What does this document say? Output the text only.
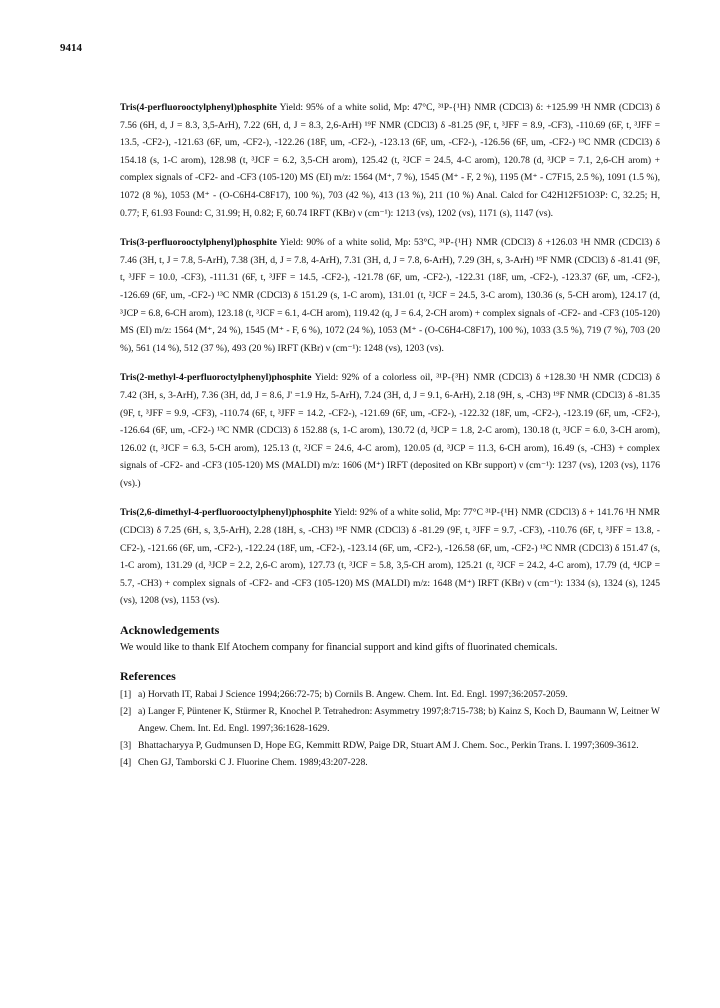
9414

Tris(4-perfluorooctylphenyl)phosphite Yield: 95% of a white solid, Mp: 47°C, ³¹P-{¹H} NMR (CDCl3) δ: +125.99 ¹H NMR (CDCl3) δ 7.56 (6H, d, J = 8.3, 3,5-ArH), 7.22 (6H, d, J = 8.3, 2,6-ArH) ¹⁹F NMR (CDCl3) δ -81.25 (9F, t, ³JFF = 8.9, -CF3), -110.69 (6F, t, ³JFF = 13.5, -CF2-), -121.63 (6F, um, -CF2-), -122.26 (18F, um, -CF2-), -123.13 (6F, um, -CF2-), -126.56 (6F, um, -CF2-) ¹³C NMR (CDCl3) δ 154.18 (s, 1-C arom), 128.98 (t, ³JCF = 6.2, 3,5-CH arom), 125.42 (t, ²JCF = 24.5, 4-C arom), 120.78 (d, ³JCP = 7.1, 2,6-CH arom) + complex signals of -CF2- and -CF3 (105-120) MS (EI) m/z: 1564 (M⁺, 7 %), 1545 (M⁺ - F, 2 %), 1195 (M⁺ - C7F15, 2.5 %), 1091 (1.5 %), 1072 (8 %), 1053 (M⁺ - (O-C6H4-C8F17), 100 %), 703 (42 %), 413 (13 %), 211 (10 %) Anal. Calcd for C42H12F51O3P: C, 32.25; H, 0.77; F, 61.93 Found: C, 31.99; H, 0.82; F, 60.74 IRFT (KBr) ν (cm⁻¹): 1213 (vs), 1202 (vs), 1171 (s), 1147 (vs).

Tris(3-perfluorooctylphenyl)phosphite Yield: 90% of a white solid, Mp: 53°C, ³¹P-{¹H} NMR (CDCl3) δ +126.03 ¹H NMR (CDCl3) δ 7.46 (3H, t, J = 7.8, 5-ArH), 7.38 (3H, d, J = 7.8, 4-ArH), 7.31 (3H, d, J = 7.8, 6-ArH), 7.29 (3H, s, 3-ArH) ¹⁹F NMR (CDCl3) δ -81.41 (9F, t, ³JFF = 10.0, -CF3), -111.31 (6F, t, ³JFF = 14.5, -CF2-), -121.78 (6F, um, -CF2-), -122.31 (18F, um, -CF2-), -123.37 (6F, um, -CF2-), -126.69 (6F, um, -CF2-) ¹³C NMR (CDCl3) δ 151.29 (s, 1-C arom), 131.01 (t, ²JCF = 24.5, 3-C arom), 130.36 (s, 5-CH arom), 124.17 (d, ³JCP = 6.8, 6-CH arom), 123.18 (t, ³JCF = 6.1, 4-CH arom), 119.42 (q, J = 6.4, 2-CH arom) + complex signals of -CF2- and -CF3 (105-120) MS (EI) m/z: 1564 (M⁺, 24 %), 1545 (M⁺ - F, 6 %), 1072 (24 %), 1053 (M⁺ - (O-C6H4-C8F17), 100 %), 1033 (3.5 %), 719 (7 %), 703 (20 %), 561 (14 %), 512 (37 %), 493 (20 %) IRFT (KBr) ν (cm⁻¹): 1248 (vs), 1203 (vs).

Tris(2-methyl-4-perfluoroctylphenyl)phosphite Yield: 92% of a colorless oil, ³¹P-{³H} NMR (CDCl3) δ +128.30 ¹H NMR (CDCl3) δ 7.42 (3H, s, 3-ArH), 7.36 (3H, dd, J = 8.6, J' =1.9 Hz, 5-ArH), 7.24 (3H, d, J = 9.1, 6-ArH), 2.18 (9H, s, -CH3) ¹⁹F NMR (CDCl3) δ -81.35 (9F, t, ³JFF = 9.9, -CF3), -110.74 (6F, t, ³JFF = 14.2, -CF2-), -121.69 (6F, um, -CF2-), -122.32 (18F, um, -CF2-), -123.19 (6F, um, -CF2-), -126.64 (6F, um, -CF2-) ¹³C NMR (CDCl3) δ 152.88 (s, 1-C arom), 130.72 (d, ³JCP = 1.8, 2-C arom), 130.18 (t, ³JCF = 6.0, 3-CH arom), 126.02 (t, ³JCF = 6.3, 5-CH arom), 125.13 (t, ²JCF = 24.6, 4-C arom), 120.05 (d, ³JCP = 11.3, 6-CH arom), 16.49 (s, -CH3) + complex signals of -CF2- and -CF3 (105-120) MS (MALDI) m/z: 1606 (M⁺) IRFT (deposited on KBr support) ν (cm⁻¹): 1237 (vs), 1203 (vs), 1176 (vs).)

Tris(2,6-dimethyl-4-perfluorooctylphenyl)phosphite Yield: 92% of a white solid, Mp: 77°C ³¹P-{¹H} NMR (CDCl3) δ + 141.76 ¹H NMR (CDCl3) δ 7.25 (6H, s, 3,5-ArH), 2.28 (18H, s, -CH3) ¹⁹F NMR (CDCl3) δ -81.29 (9F, t, ³JFF = 9.7, -CF3), -110.76 (6F, t, ³JFF = 13.8, -CF2-), -121.66 (6F, um, -CF2-), -122.24 (18F, um, -CF2-), -123.14 (6F, um, -CF2-), -126.58 (6F, um, -CF2-) ¹³C NMR (CDCl3) δ 151.47 (s, 1-C arom), 131.29 (d, ³JCP = 2.2, 2,6-C arom), 127.73 (t, ³JCF = 5.8, 3,5-CH arom), 125.21 (t, ²JCF = 24.2, 4-C arom), 17.79 (d, ⁴JCP = 5.7, -CH3) + complex signals of -CF2- and -CF3 (105-120) MS (MALDI) m/z: 1648 (M⁺) IRFT (KBr) ν (cm⁻¹): 1334 (s), 1324 (s), 1245 (vs), 1208 (vs), 1153 (vs).

Acknowledgements

We would like to thank Elf Atochem company for financial support and kind gifts of fluorinated chemicals.

References
[1] a) Horvath IT, Rabai J Science 1994;266:72-75; b) Cornils B. Angew. Chem. Int. Ed. Engl. 1997;36:2057-2059.
[2] a) Langer F, Püntener K, Stürmer R, Knochel P. Tetrahedron: Asymmetry 1997;8:715-738; b) Kainz S, Koch D, Baumann W, Leitner W Angew. Chem. Int. Ed. Engl. 1997;36:1628-1629.
[3] Bhattacharyya P, Gudmunsen D, Hope EG, Kemmitt RDW, Paige DR, Stuart AM J. Chem. Soc., Perkin Trans. I. 1997;3609-3612.
[4] Chen GJ, Tamborski C J. Fluorine Chem. 1989;43:207-228.
